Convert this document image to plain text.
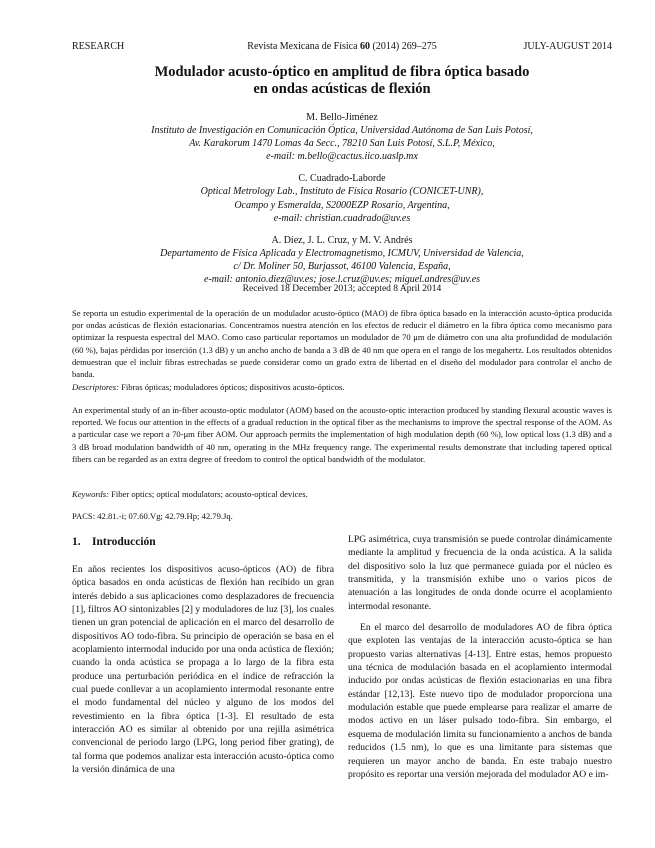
RESEARCH	Revista Mexicana de Física 60 (2014) 269–275	JULY-AUGUST 2014
Modulador acusto-óptico en amplitud de fibra óptica basado
en ondas acústicas de flexión
M. Bello-Jiménez
Instituto de Investigación en Comunicación Óptica, Universidad Autónoma de San Luis Potosí,
Av. Karakorum 1470 Lomas 4a Secc., 78210 San Luis Potosí, S.L.P, México,
e-mail: m.bello@cactus.iico.uaslp.mx
C. Cuadrado-Laborde
Optical Metrology Lab., Instituto de Física Rosario (CONICET-UNR),
Ocampo y Esmeralda, S2000EZP Rosario, Argentina,
e-mail: christian.cuadrado@uv.es
A. Díez, J. L. Cruz, y M. V. Andrés
Departamento de Física Aplicada y Electromagnetismo, ICMUV, Universidad de Valencia,
c/ Dr. Moliner 50, Burjassot, 46100 Valencia, España,
e-mail: antonio.diez@uv.es; jose.l.cruz@uv.es; miguel.andres@uv.es
Received 18 December 2013; accepted 8 April 2014
Se reporta un estudio experimental de la operación de un modulador acusto-óptico (MAO) de fibra óptica basado en la interacción acusto-óptica producida por ondas acústicas de flexión estacionarias. Concentramos nuestra atención en los efectos de reducir el diámetro en la fibra óptica como mecanismo para optimizar la respuesta espectral del MAO. Como caso particular reportamos un modulador de 70 μm de diámetro con una alta profundidad de modulación (60 %), bajas pérdidas por inserción (1.3 dB) y un ancho ancho de banda a 3 dB de 40 nm que opera en el rango de los megahertz. Los resultados obtenidos demuestran que el incluir fibras estrechadas se puede considerar como un grado extra de libertad en el diseño del modulador para controlar el ancho de banda.
Descriptores: Fibras ópticas; moduladores ópticos; dispositivos acusto-ópticos.
An experimental study of an in-fiber acousto-optic modulator (AOM) based on the acousto-optic interaction produced by standing flexural acoustic waves is reported. We focus our attention in the effects of a gradual reduction in the optical fiber as the mechanisms to improve the spectral response of the AOM. As a particular case we report a 70-μm fiber AOM. Our approach permits the implementation of high modulation depth (60 %), low optical loss (1.3 dB) and a 3 dB broad modulation bandwidth of 40 nm, operating in the MHz frequency range. The experimental results demonstrate that including tapered optical fibers can be regarded as an extra degree of freedom to control the optical bandwidth of the modulator.
Keywords: Fiber optics; optical modulators; acousto-optical devices.
PACS: 42.81.-i; 07.60.Vg; 42.79.Hp; 42.79.Jq.
1. Introducción

En años recientes los dispositivos acuso-ópticos (AO) de fibra óptica basados en onda acústicas de flexión han recibido un gran interés debido a sus aplicaciones como desplazadores de frecuencia [1], filtros AO sintonizables [2] y moduladores de luz [3], los cuales tienen un gran potencial de aplicación en el marco del desarrollo de dispositivos AO todo-fibra. Su principio de operación se basa en el acoplamiento intermodal inducido por una onda acústica de flexión; cuando la onda acústica se propaga a lo largo de la fibra esta produce una perturbación periódica en el índice de refracción la cual puede conllevar a un acoplamiento intermodal resonante entre el modo fundamental del núcleo y alguno de los modos del revestimiento en la fibra óptica [1-3]. El resultado de esta interacción AO es similar al obtenido por una rejilla asimétrica convencional de periodo largo (LPG, long period fiber grating), de tal forma que podemos analizar esta interacción acusto-óptica como la versión dinámica de una

LPG asimétrica, cuya transmisión se puede controlar dinámicamente mediante la amplitud y frecuencia de la onda acústica. A la salida del dispositivo solo la luz que permanece guiada por el núcleo es transmitida, y la transmisión exhibe uno o varios picos de atenuación a las longitudes de onda donde ocurre el acoplamiento intermodal resonante.

En el marco del desarrollo de moduladores AO de fibra óptica que exploten las ventajas de la interacción acusto-óptica se han propuesto varias alternativas [4-13]. Entre estas, hemos propuesto una técnica de modulación basada en el acoplamiento intermodal inducido por ondas acústicas de flexión estacionarias en una fibra estándar [12,13]. Este nuevo tipo de modulador proporciona una modulación estable que puede emplearse para realizar el amarre de modos activo en un láser pulsado todo-fibra. Sin embargo, el esquema de modulación limita su funcionamiento a anchos de banda reducidos (1.5 nm), lo que es una limitante para sistemas que requieren un mayor ancho de banda. En este trabajo nuestro propósito es reportar una versión mejorada del modulador AO e im-
